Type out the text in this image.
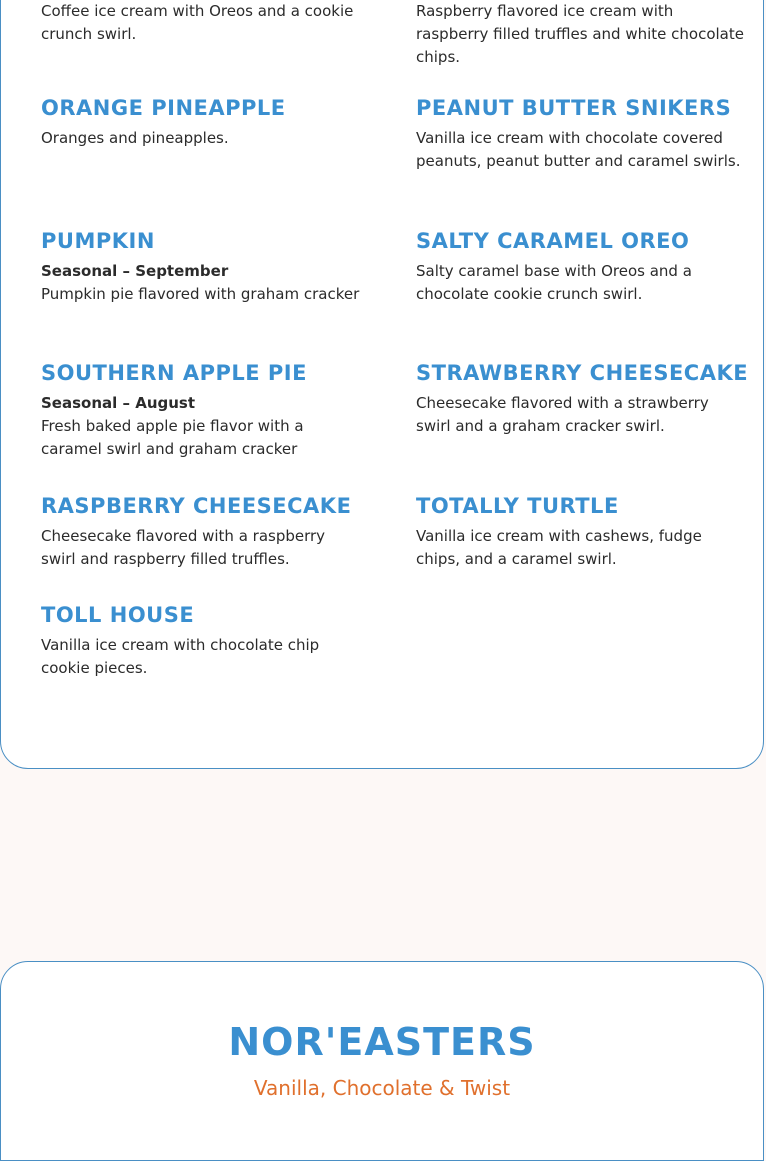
Coffee ice cream with Oreos and a cookie crunch swirl.
Raspberry flavored ice cream with raspberry filled truffles and white chocolate chips.
ORANGE PINEAPPLE
Oranges and pineapples.
PEANUT BUTTER SNIKERS
Vanilla ice cream with chocolate covered peanuts, peanut butter and caramel swirls.
PUMPKIN
Seasonal – September
Pumpkin pie flavored with graham cracker
SALTY CARAMEL OREO
Salty caramel base with Oreos and a chocolate cookie crunch swirl.
SOUTHERN APPLE PIE
Seasonal – August
Fresh baked apple pie flavor with a caramel swirl and graham cracker
STRAWBERRY CHEESECAKE
Cheesecake flavored with a strawberry swirl and a graham cracker swirl.
RASPBERRY CHEESECAKE
Cheesecake flavored with a raspberry swirl and raspberry filled truffles.
TOTALLY TURTLE
Vanilla ice cream with cashews, fudge chips, and a caramel swirl.
TOLL HOUSE
Vanilla ice cream with chocolate chip cookie pieces.
NOR'EASTERS
Vanilla, Chocolate & Twist
